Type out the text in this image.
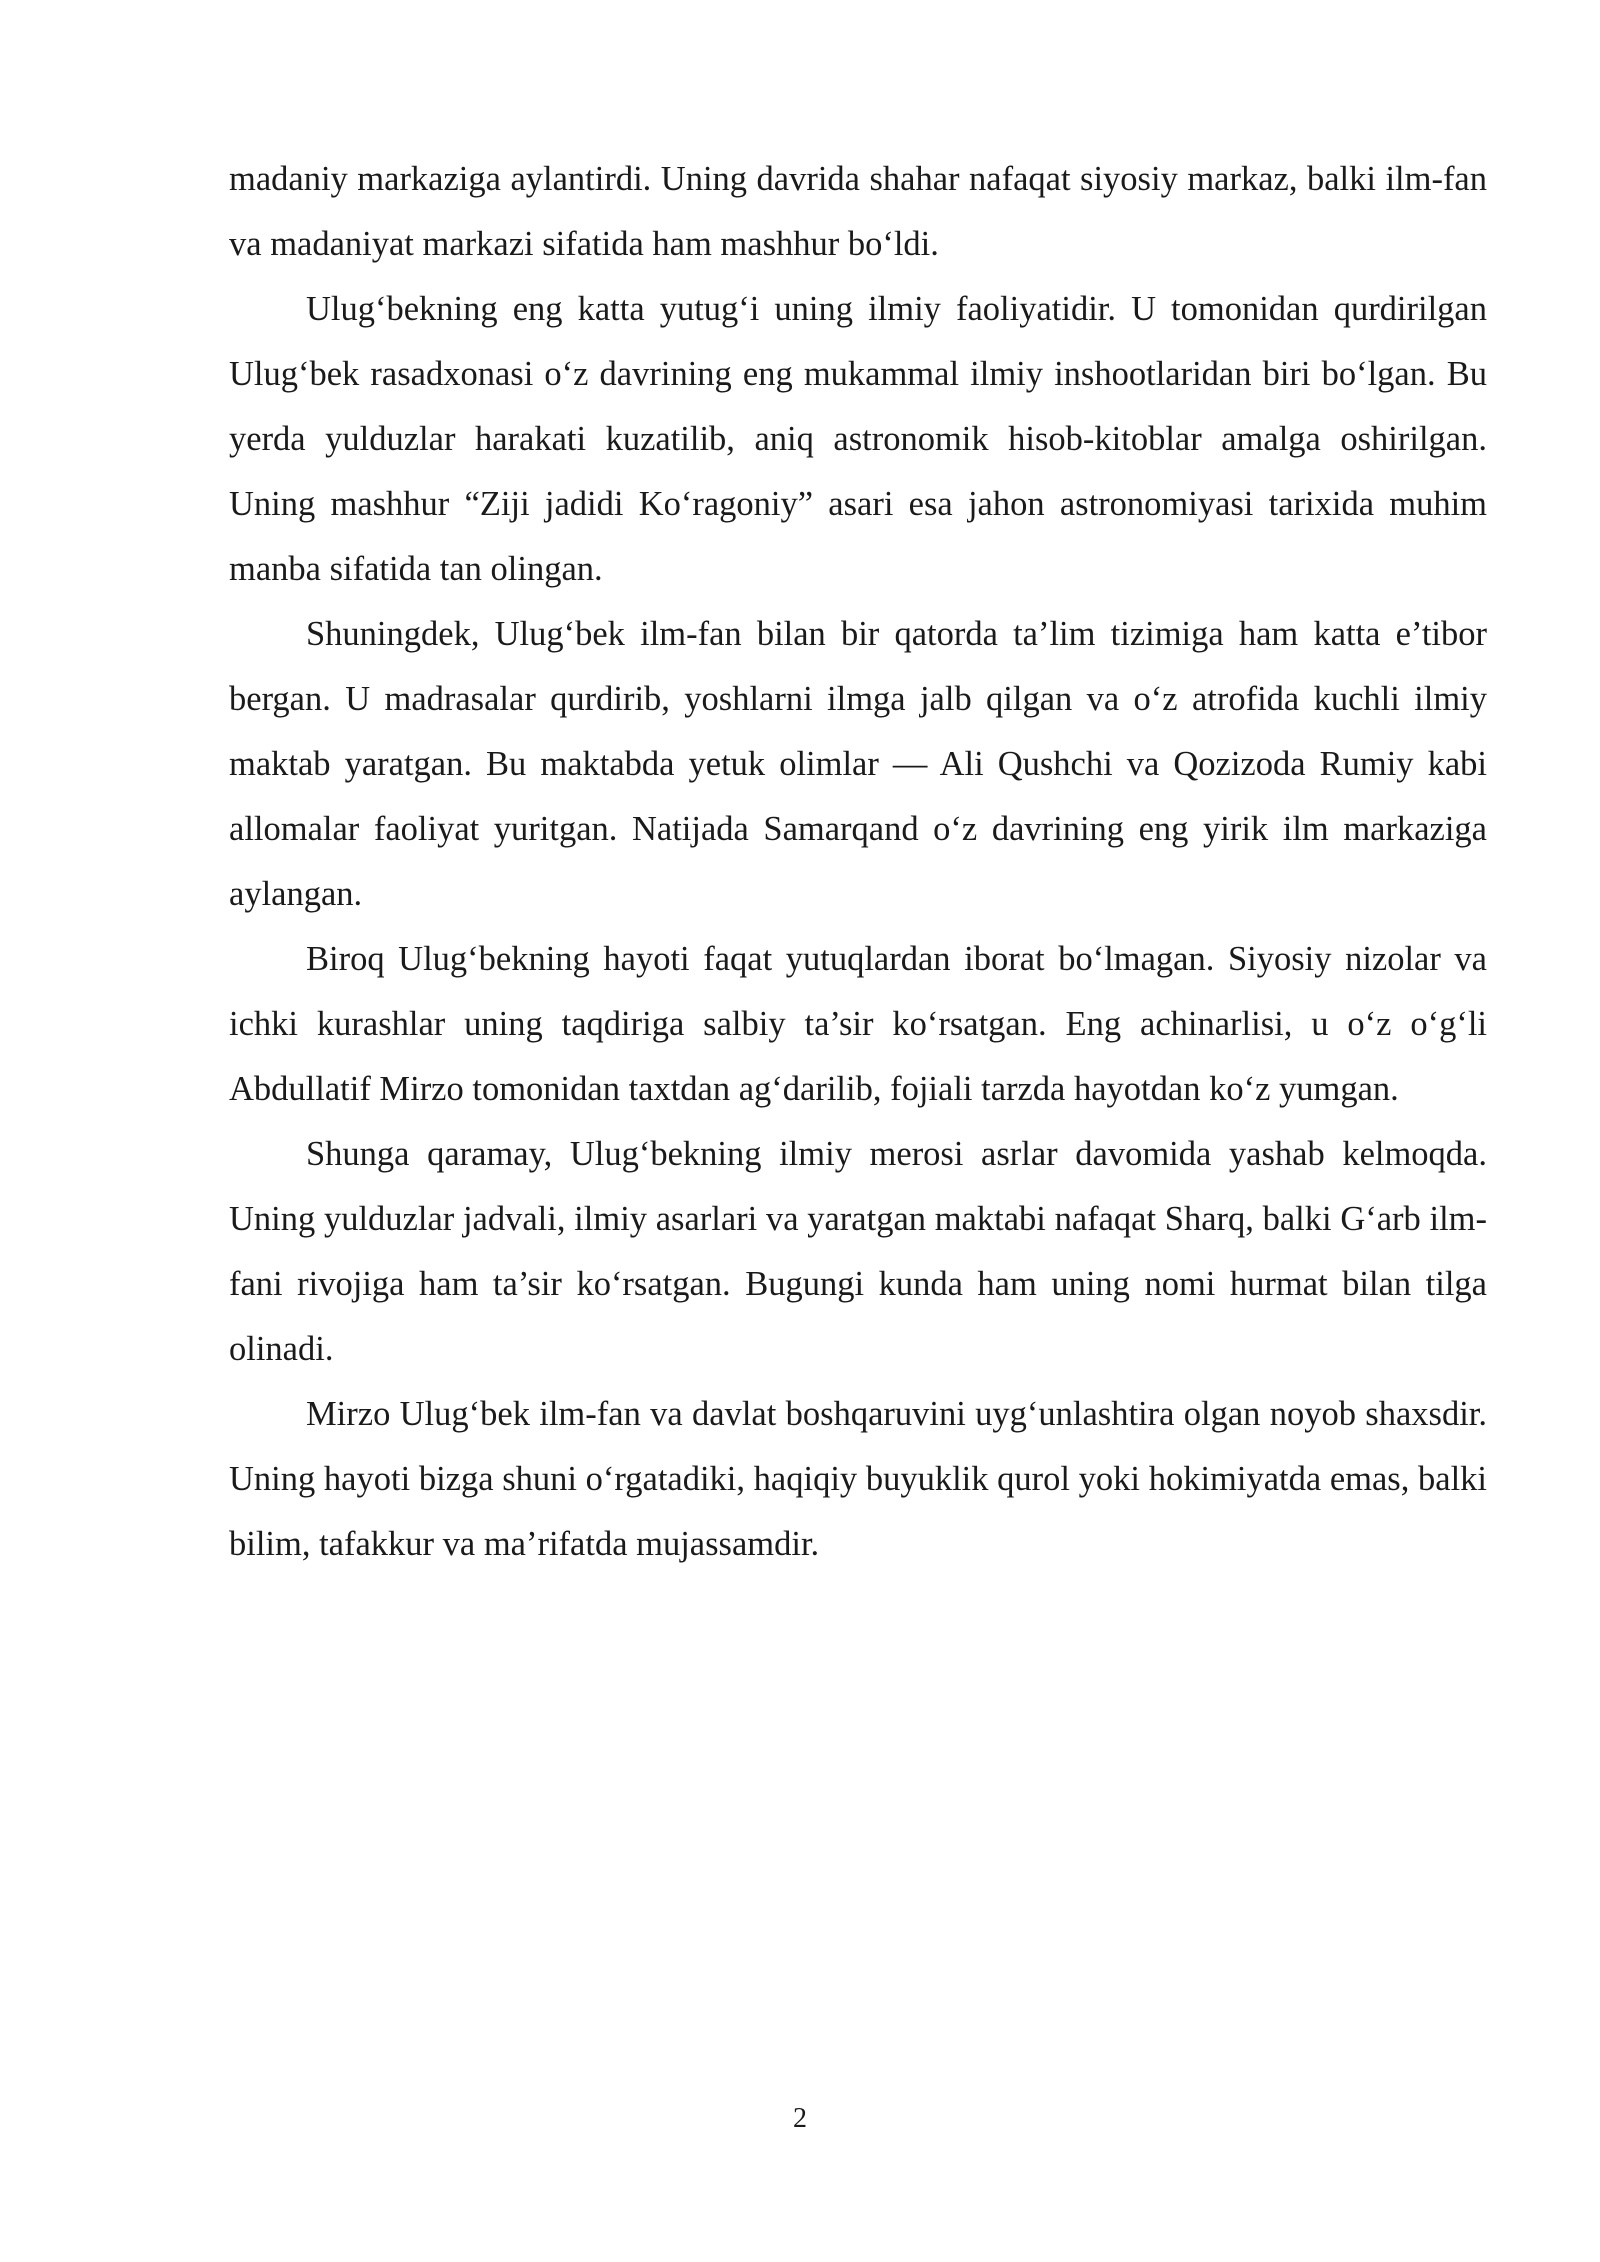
madaniy markaziga aylantirdi. Uning davrida shahar nafaqat siyosiy markaz, balki ilm-fan va madaniyat markazi sifatida ham mashhur bo‘ldi.

Ulug‘bekning eng katta yutug‘i uning ilmiy faoliyatidir. U tomonidan qurdirilgan Ulug‘bek rasadxonasi o‘z davrining eng mukammal ilmiy inshootlaridan biri bo‘lgan. Bu yerda yulduzlar harakati kuzatilib, aniq astronomik hisob-kitoblar amalga oshirilgan. Uning mashhur “Ziji jadidi Ko‘ragoniy” asari esa jahon astronomiyasi tarixida muhim manba sifatida tan olingan.

Shuningdek, Ulug‘bek ilm-fan bilan bir qatorda ta’lim tizimiga ham katta e’tibor bergan. U madrasalar qurdirib, yoshlarni ilmga jalb qilgan va o‘z atrofida kuchli ilmiy maktab yaratgan. Bu maktabda yetuk olimlar — Ali Qushchi va Qozizoda Rumiy kabi allomalar faoliyat yuritgan. Natijada Samarqand o‘z davrining eng yirik ilm markaziga aylangan.

Biroq Ulug‘bekning hayoti faqat yutuqlardan iborat bo‘lmagan. Siyosiy nizolar va ichki kurashlar uning taqdiriga salbiy ta’sir ko‘rsatgan. Eng achinarlisi, u o‘z o‘g‘li Abdullatif Mirzo tomonidan taxtdan ag‘darilib, fojiali tarzda hayotdan ko‘z yumgan.

Shunga qaramay, Ulug‘bekning ilmiy merosi asrlar davomida yashab kelmoqda. Uning yulduzlar jadvali, ilmiy asarlari va yaratgan maktabi nafaqat Sharq, balki G‘arb ilm-fani rivojiga ham ta’sir ko‘rsatgan. Bugungi kunda ham uning nomi hurmat bilan tilga olinadi.

Mirzo Ulug‘bek ilm-fan va davlat boshqaruvini uyg‘unlashtira olgan noyob shaxsdir. Uning hayoti bizga shuni o‘rgatadiki, haqiqiy buyuklik qurol yoki hokimiyatda emas, balki bilim, tafakkur va ma’rifatda mujassamdir.

2
